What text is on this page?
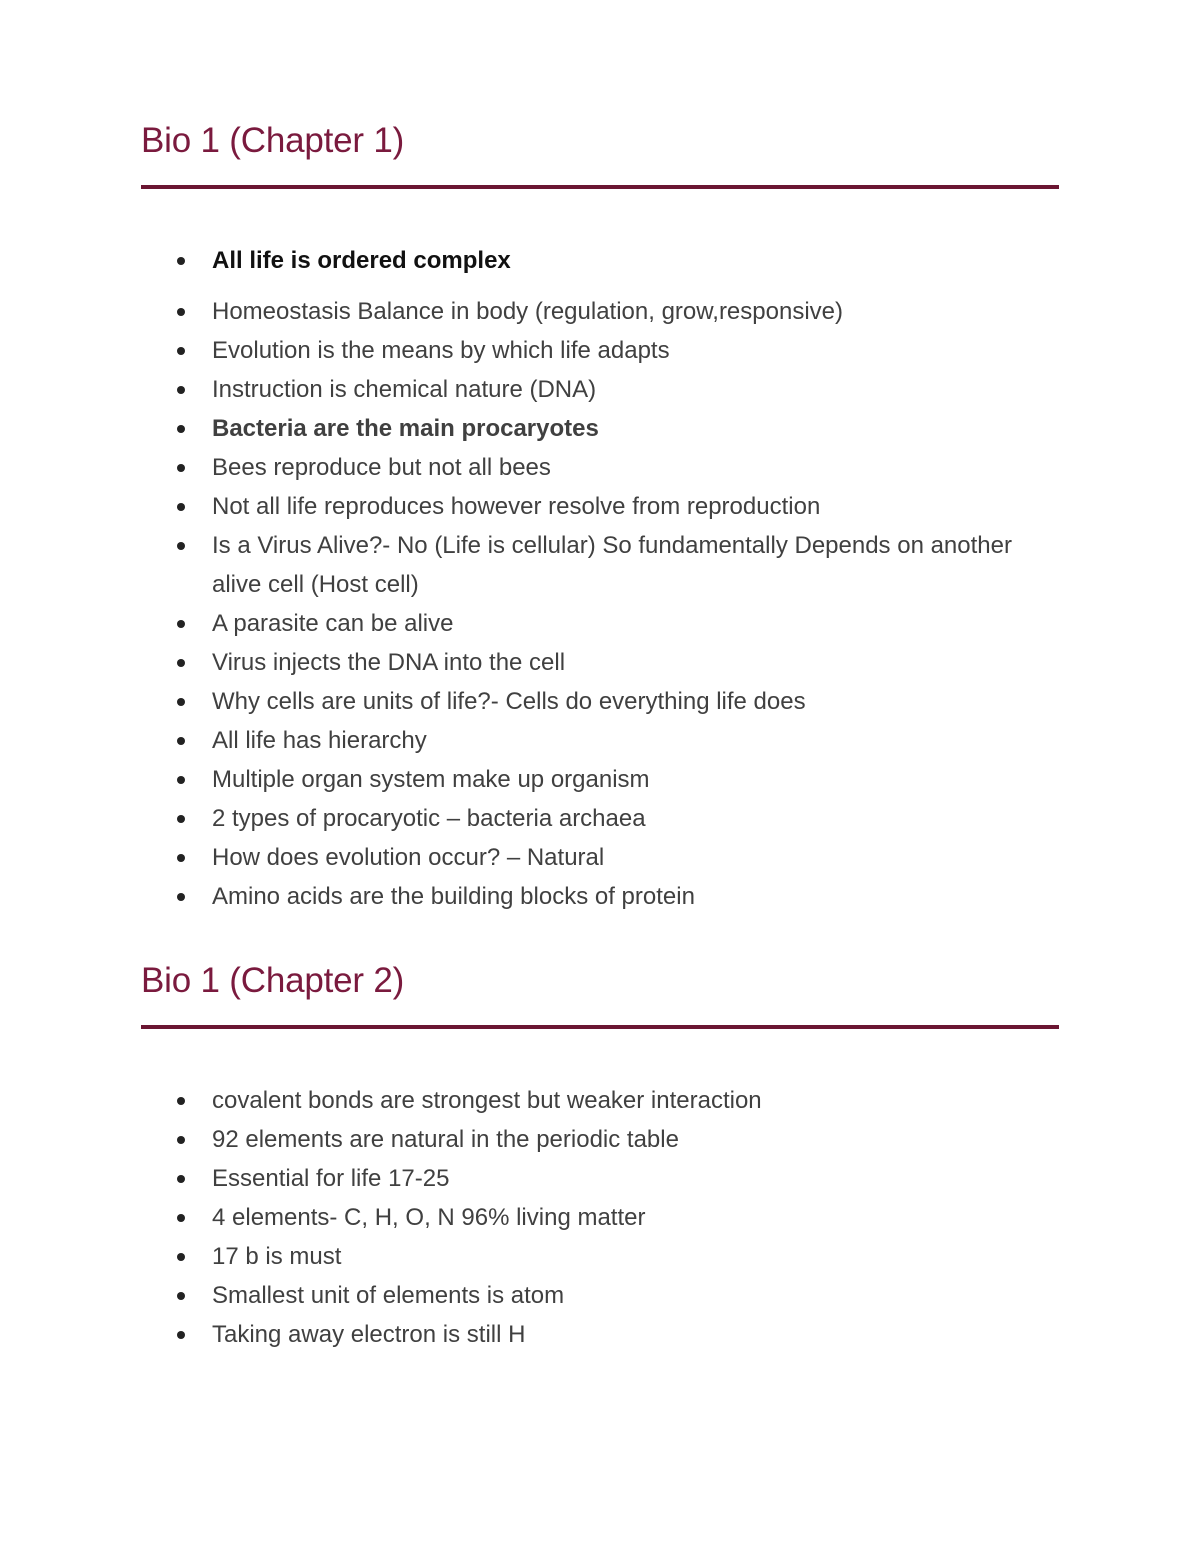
Bio 1 (Chapter 1)
All life is ordered complex
Homeostasis Balance in body (regulation, grow,responsive)
Evolution is the means by which life adapts
Instruction is chemical nature (DNA)
Bacteria are the main procaryotes
Bees reproduce but not all bees
Not all life reproduces however resolve from reproduction
Is a Virus Alive?- No (Life is cellular) So fundamentally Depends on another alive cell (Host cell)
A parasite can be alive
Virus injects the DNA into the cell
Why cells are units of life?- Cells do everything life does
All life has hierarchy
Multiple organ system make up organism
2 types of procaryotic – bacteria archaea
How does evolution occur? – Natural
Amino acids are the building blocks of protein
Bio 1 (Chapter 2)
covalent bonds are strongest but weaker interaction
92 elements are natural in the periodic table
Essential for life 17-25
4 elements- C, H, O, N 96% living matter
17 b is must
Smallest unit of elements is atom
Taking away electron is still H
